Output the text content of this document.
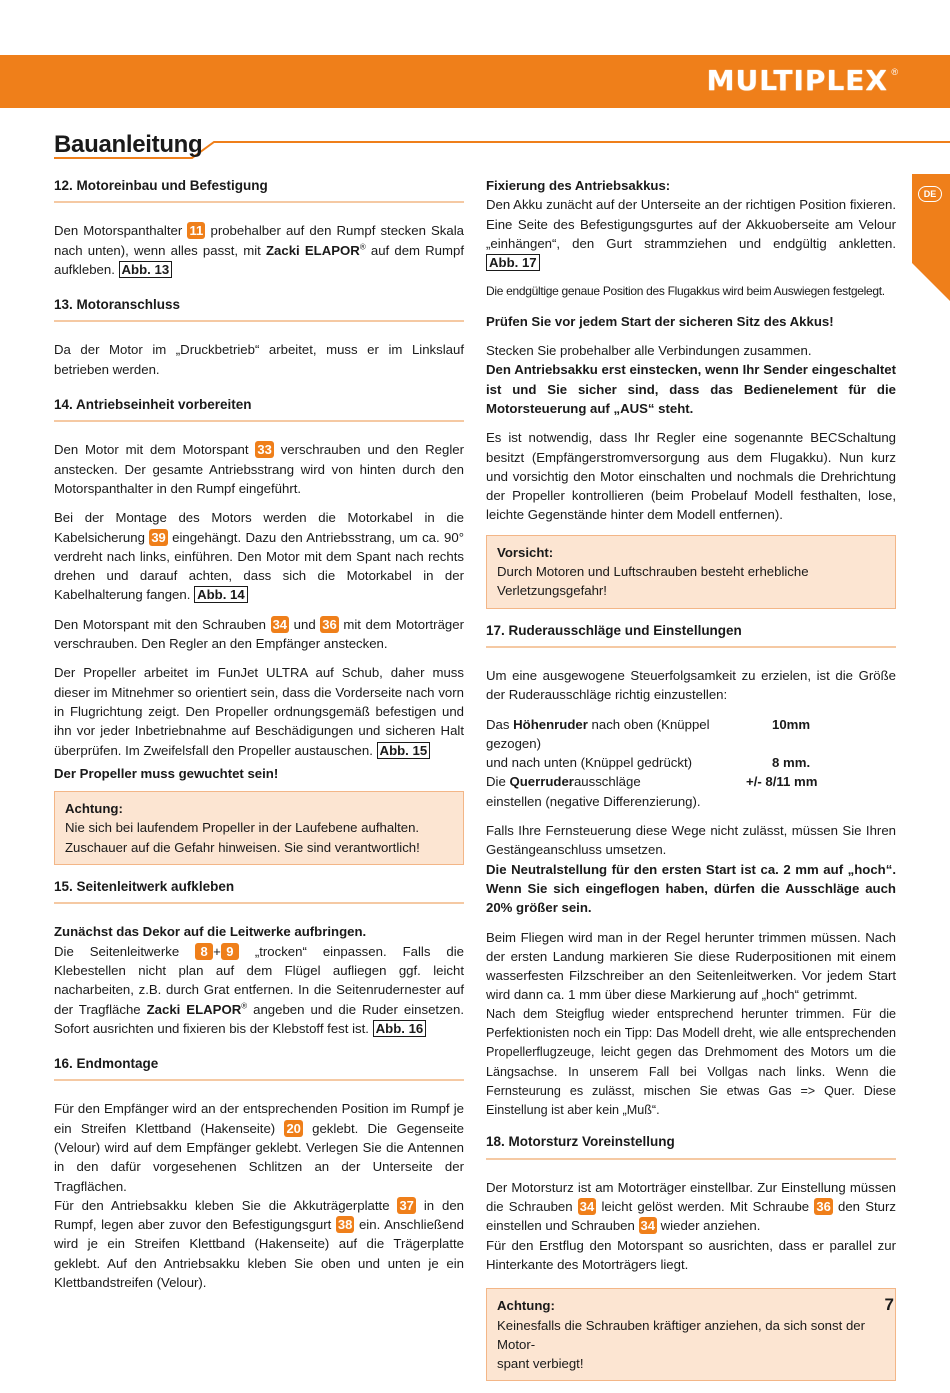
MULTIPLEX ®
Bauanleitung
DE
12. Motoreinbau und Befestigung

Den Motorspanthalter 11 probehalber auf den Rumpf stecken Skala nach unten), wenn alles passt, mit Zacki ELAPOR® auf dem Rumpf aufkleben. Abb. 13

13. Motoranschluss

Da der Motor im „Druckbetrieb“ arbeitet, muss er im Linkslauf betrieben werden.

14. Antriebseinheit vorbereiten

Den Motor mit dem Motorspant 33 verschrauben und den Regler anstecken. Der gesamte Antriebsstrang wird von hinten durch den Motorspanthalter in den Rumpf eingeführt.

Bei der Montage des Motors werden die Motorkabel in die Kabelsicherung 39 eingehängt. Dazu den Antriebsstrang, um ca. 90° verdreht nach links, einführen. Den Motor mit dem Spant nach rechts drehen und darauf achten, dass sich die Motorkabel in der Kabelhalterung fangen. Abb. 14

Den Motorspant mit den Schrauben 34 und 36 mit dem Motorträger verschrauben. Den Regler an den Empfänger anstecken.

Der Propeller arbeitet im FunJet ULTRA auf Schub, daher muss dieser im Mitnehmer so orientiert sein, dass die Vorderseite nach vorn in Flugrichtung zeigt. Den Propeller ordnungsgemäß befestigen und ihn vor jeder Inbetriebnahme auf Beschädigungen und sicheren Halt überprüfen. Im Zweifelsfall den Propeller austauschen. Abb. 15

Der Propeller muss gewuchtet sein!

Achtung:
Nie sich bei laufendem Propeller in der Laufebene aufhalten.
Zuschauer auf die Gefahr hinweisen. Sie sind verantwortlich!
15. Seitenleitwerk aufkleben

Zunächst das Dekor auf die Leitwerke aufbringen.
Die Seitenleitwerke 8 + 9 „trocken“ einpassen. Falls die Klebestellen nicht plan auf dem Flügel aufliegen ggf. leicht nacharbeiten, z.B. durch Grat entfernen. In die Seitenrudernester auf der Tragfläche Zacki ELAPOR® angeben und die Ruder einsetzen. Sofort ausrichten und fixieren bis der Klebstoff fest ist. Abb. 16

16. Endmontage

Für den Empfänger wird an der entsprechenden Position im Rumpf je ein Streifen Klettband (Hakenseite) 20 geklebt. Die Gegenseite (Velour) wird auf dem Empfänger geklebt. Verlegen Sie die Antennen in den dafür vorgesehenen Schlitzen an der Unterseite der Tragflächen.

Für den Antriebsakku kleben Sie die Akkuträgerplatte 37 in den Rumpf, legen aber zuvor den Befestigungsgurt 38 ein. Anschließend wird je ein Streifen Klettband (Hakenseite) auf die Trägerplatte geklebt. Auf den Antriebsakku kleben Sie oben und unten je ein Klettbandstreifen (Velour).

Fixierung des Antriebsakkus:

Den Akku zunächt auf der Unterseite an der richtigen Position fixieren. Eine Seite des Befestigungsgurtes auf der Akkuoberseite am Velour „einhängen“, den Gurt strammziehen und endgültig ankletten. Abb. 17

Die endgültige genaue Position des Flugakkus wird beim Auswiegen festgelegt.

Prüfen Sie vor jedem Start der sicheren Sitz des Akkus!

Stecken Sie probehalber alle Verbindungen zusammen.
Den Antriebsakku erst einstecken, wenn Ihr Sender eingeschaltet ist und Sie sicher sind, dass das Bedienelement für die Motorsteuerung auf „AUS“ steht.

Es ist notwendig, dass Ihr Regler eine sogenannte BECSchaltung besitzt (Empfängerstromversorgung aus dem Flugakku). Nun kurz und vorsichtig den Motor einschalten und nochmals die Drehrichtung der Propeller kontrollieren (beim Probelauf Modell festhalten, lose, leichte Gegenstände hinter dem Modell entfernen).

Vorsicht:
Durch Motoren und Luftschrauben besteht erhebliche
Verletzungsgefahr!
17. Ruderausschläge und Einstellungen

Um eine ausgewogene Steuerfolgsamkeit zu erzielen, ist die Größe der Ruderausschläge richtig einzustellen:

Das Höhenruder nach oben (Knüppel gezogen)
10mm
und nach unten (Knüppel gedrückt)	8 mm.
Die Querruderausschläge	+/- 8/11 mm
einstellen (negative Differenzierung).

Falls Ihre Fernsteuerung diese Wege nicht zulässt, müssen Sie Ihren Gestängeanschluss umsetzen.
Die Neutralstellung für den ersten Start ist ca. 2 mm auf „hoch“. Wenn Sie sich eingeflogen haben, dürfen die Ausschläge auch 20% größer sein.

Beim Fliegen wird man in der Regel herunter trimmen müssen. Nach der ersten Landung markieren Sie diese Ruderpositionen mit einem wasserfesten Filzschreiber an den Seitenleitwerken. Vor jedem Start wird dann ca. 1 mm über diese Markierung auf „hoch“ getrimmt.

Nach dem Steigflug wieder entsprechend herunter trimmen. Für die Perfektionisten noch ein Tipp: Das Modell dreht, wie alle entsprechenden Propellerflugzeuge, leicht gegen das Drehmoment des Motors um die Längsachse. In unserem Fall bei Vollgas nach links. Wenn die Fernsteurung es zulässt, mischen Sie etwas Gas => Quer. Diese Einstellung ist aber kein „Muß“.

18. Motorsturz Voreinstellung

Der Motorsturz ist am Motorträger einstellbar. Zur Einstellung müssen die Schrauben 34 leicht gelöst werden. Mit Schraube 36 den Sturz einstellen und Schrauben 34 wieder anziehen.

Für den Erstflug den Motorspant so ausrichten, dass er parallel zur Hinterkante des Motorträgers liegt.

Achtung:
Keinesfalls die Schrauben kräftiger anziehen, da sich sonst der Motor-
spant verbiegt!
7
